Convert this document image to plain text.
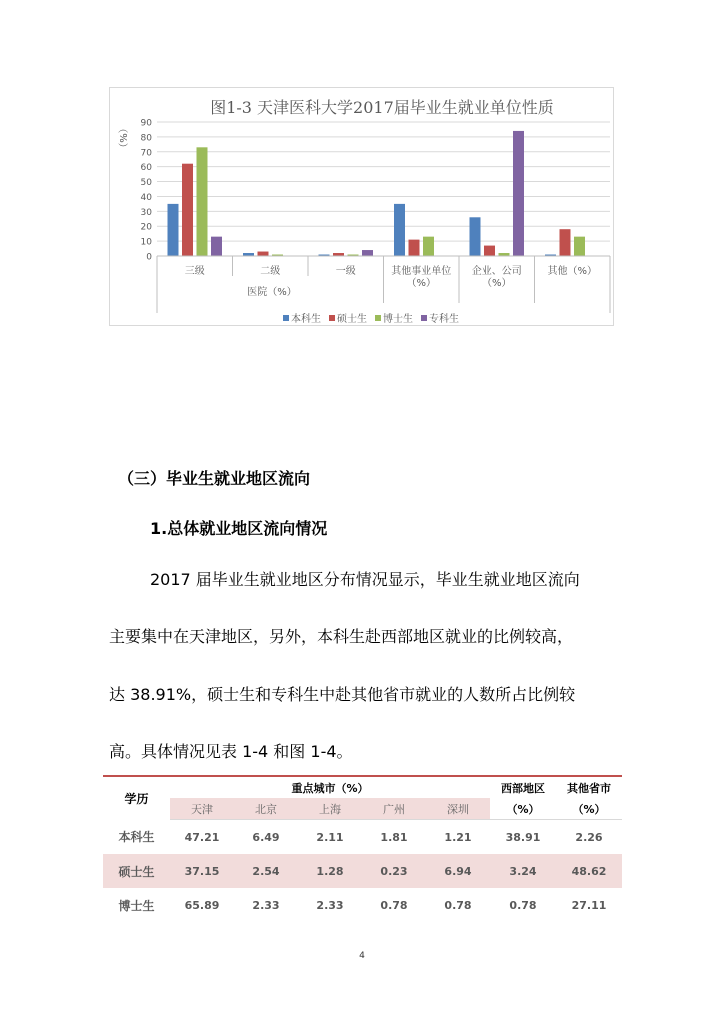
图1-3 天津医科大学2017届毕业生就业单位性质
（%）
0
10
20
30
40
50
60
70
80
90
三级	二级	一级	其他事业单位（%）
企业、公司（%）
其他（%）
医院（%）
本科生 硕士生 博士生 专科生
（三）毕业生就业地区流向
1.总体就业地区流向情况
2017 届毕业生就业地区分布情况显示，毕业生就业地区流向
主要集中在天津地区，另外，本科生赴西部地区就业的比例较高，
达 38.91%，硕士生和专科生中赴其他省市就业的人数所占比例较
高。具体情况见表 1-4 和图 1-4。
学历	重点城市（%）					西部地区	其他省市
	天津	北京	上海	广州	深圳	（%）	（%）
本科生	47.21	6.49	2.11	1.81	1.21	38.91	2.26
硕士生	37.15	2.54	1.28	0.23	6.94	3.24	48.62
博士生	65.89	2.33	2.33	0.78	0.78	0.78	27.11
4
